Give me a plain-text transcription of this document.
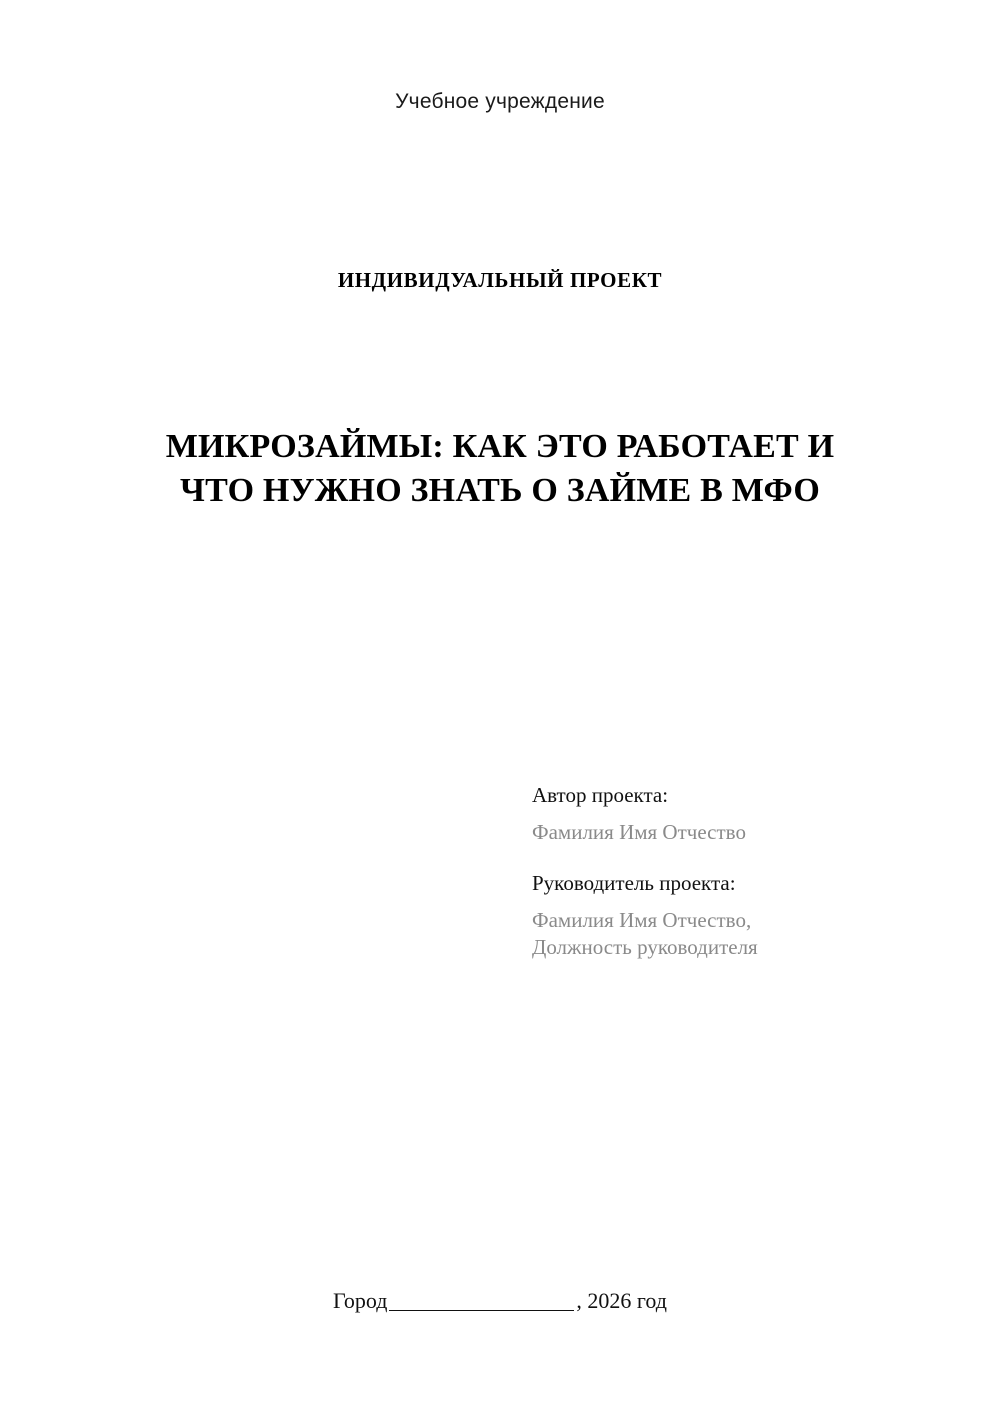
Учебное учреждение
ИНДИВИДУАЛЬНЫЙ ПРОЕКТ
МИКРОЗАЙМЫ: КАК ЭТО РАБОТАЕТ И
ЧТО НУЖНО ЗНАТЬ О ЗАЙМЕ В МФО
Автор проекта:
Фамилия Имя Отчество
Руководитель проекта:
Фамилия Имя Отчество,
Должность руководителя
Город	, 2026 год
